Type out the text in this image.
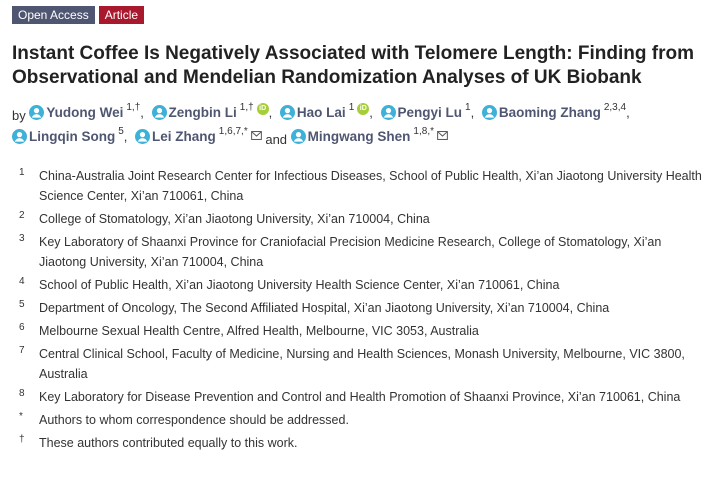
Open Access	Article
Instant Coffee Is Negatively Associated with Telomere Length: Finding from Observational and Mendelian Randomization Analyses of UK Biobank
by Yudong Wei 1,† ,
Zengbin Li 1,† iD ,
Hao Lai 1 iD ,
Pengyi Lu 1 ,
Baoming Zhang 2,3,4 ,

Lingqin Song 5 ,
Lei Zhang 1,6,7,*
and Mingwang Shen 1,8,*
1	China-Australia Joint Research Center for Infectious Diseases, School of Public Health, Xi’an Jiaotong University Health Science Center, Xi’an 710061, China
2	College of Stomatology, Xi’an Jiaotong University, Xi’an 710004, China
3	Key Laboratory of Shaanxi Province for Craniofacial Precision Medicine Research, College of Stomatology, Xi’an Jiaotong University, Xi’an 710004, China
4	School of Public Health, Xi’an Jiaotong University Health Science Center, Xi’an 710061, China
5	Department of Oncology, The Second Affiliated Hospital, Xi’an Jiaotong University, Xi’an 710004, China
6	Melbourne Sexual Health Centre, Alfred Health, Melbourne, VIC 3053, Australia
7	Central Clinical School, Faculty of Medicine, Nursing and Health Sciences, Monash University, Melbourne, VIC 3800, Australia
8	Key Laboratory for Disease Prevention and Control and Health Promotion of Shaanxi Province, Xi’an 710061, China
*	Authors to whom correspondence should be addressed.
†	These authors contributed equally to this work.
